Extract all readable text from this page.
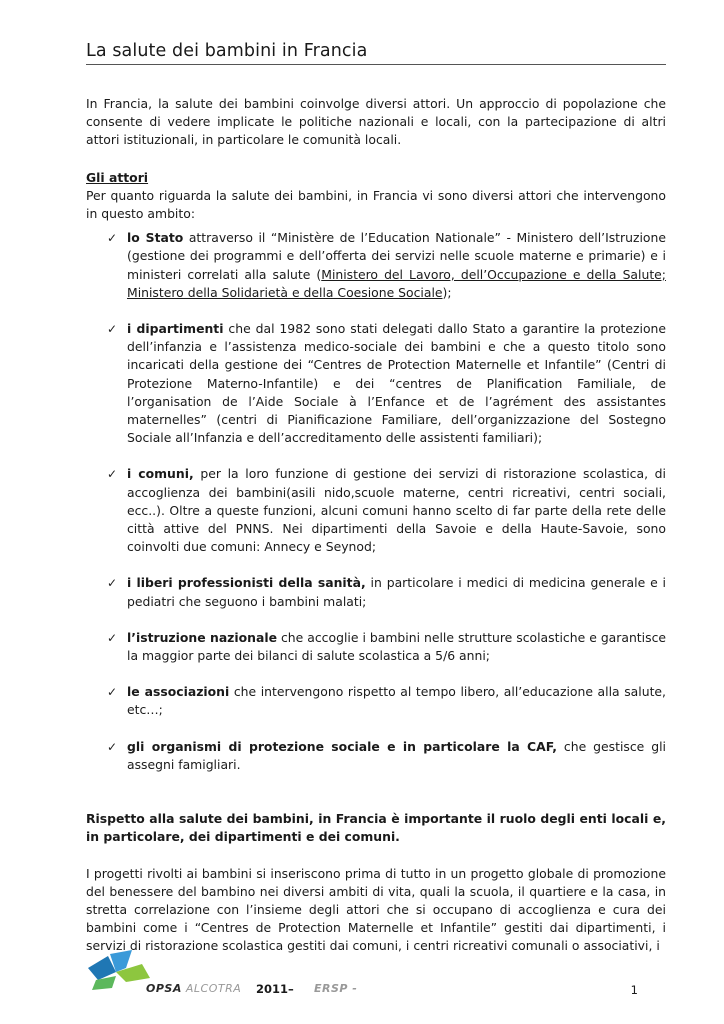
La salute dei bambini in Francia

In Francia, la salute dei bambini coinvolge diversi attori. Un approccio di popolazione che consente di vedere implicate le politiche nazionali e locali, con la partecipazione di altri attori istituzionali, in particolare le comunità locali.

Gli attori

Per quanto riguarda la salute dei bambini, in Francia vi sono diversi attori che intervengono in questo ambito:

✓ lo Stato attraverso il “Ministère de l’Education Nationale” - Ministero dell’Istruzione (gestione dei programmi e dell’offerta dei servizi nelle scuole materne e primarie) e i ministeri correlati alla salute (Ministero del Lavoro, dell’Occupazione e della Salute; Ministero della Solidarietà e della Coesione Sociale);
✓ i dipartimenti che dal 1982 sono stati delegati dallo Stato a garantire la protezione dell’infanzia e l’assistenza medico-sociale dei bambini e che a questo titolo sono incaricati della gestione dei “Centres de Protection Maternelle et Infantile” (Centri di Protezione Materno-Infantile) e dei “centres de Planification Familiale, de l’organisation de l’Aide Sociale à l’Enfance et de l’agrément des assistantes maternelles” (centri di Pianificazione Familiare, dell’organizzazione del Sostegno Sociale all’Infanzia e dell’accreditamento delle assistenti familiari);
✓ i comuni, per la loro funzione di gestione dei servizi di ristorazione scolastica, di accoglienza dei bambini(asili nido,scuole materne, centri ricreativi, centri sociali, ecc..). Oltre a queste funzioni, alcuni comuni hanno scelto di far parte della rete delle città attive del PNNS. Nei dipartimenti della Savoie e della Haute-Savoie, sono coinvolti due comuni: Annecy e Seynod;
✓ i liberi professionisti della sanità, in particolare i medici di medicina generale e i pediatri che seguono i bambini malati;
✓ l’istruzione nazionale che accoglie i bambini nelle strutture scolastiche e garantisce la maggior parte dei bilanci di salute scolastica a 5/6 anni;
✓ le associazioni che intervengono rispetto al tempo libero, all’educazione alla salute, etc…;
✓ gli organismi di protezione sociale e in particolare la CAF, che gestisce gli assegni famigliari.

Rispetto alla salute dei bambini, in Francia è importante il ruolo degli enti locali e, in particolare, dei dipartimenti e dei comuni.

I progetti rivolti ai bambini si inseriscono prima di tutto in un progetto globale di promozione del benessere del bambino nei diversi ambiti di vita, quali la scuola, il quartiere e la casa, in stretta correlazione con l’insieme degli attori che si occupano di accoglienza e cura dei bambini come i “Centres de Protection Maternelle et Infantile” gestiti dai dipartimenti, i servizi di ristorazione scolastica gestiti dai comuni, i centri ricreativi comunali o associativi, i

OPSA ALCOTRA 2011– ERSP -	1
